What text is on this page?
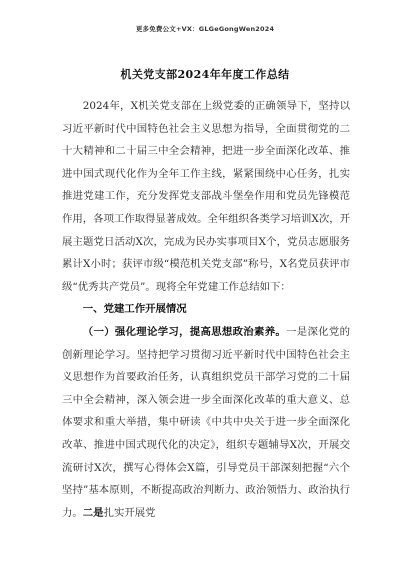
更多免费公文+VX：GLGeGongWen2024
机关党支部2024年年度工作总结

2024年，X机关党支部在上级党委的正确领导下，坚持以习近平新时代中国特色社会主义思想为指导，全面贯彻党的二十大精神和二十届三中全会精神，把进一步全面深化改革、推进中国式现代化作为全年工作主线，紧紧围绕中心任务，扎实推进党建工作，充分发挥党支部战斗堡垒作用和党员先锋模范作用，各项工作取得显著成效。全年组织各类学习培训X次，开展主题党日活动X次，完成为民办实事项目X个，党员志愿服务累计X小时；获评市级“模范机关党支部”称号，X名党员获评市级“优秀共产党员”。现将全年党建工作总结如下：

一、党建工作开展情况

（一）强化理论学习，提高思想政治素养。一是深化党的创新理论学习。坚持把学习贯彻习近平新时代中国特色社会主义思想作为首要政治任务，认真组织党员干部学习党的二十届三中全会精神，深入领会进一步全面深化改革的重大意义、总体要求和重大举措，集中研读《中共中央关于进一步全面深化改革、推进中国式现代化的决定》，组织专题辅导X次，开展交流研讨X次，撰写心得体会X篇，引导党员干部深刻把握“六个坚持”基本原则，不断提高政治判断力、政治领悟力、政治执行力。二是扎实开展党
